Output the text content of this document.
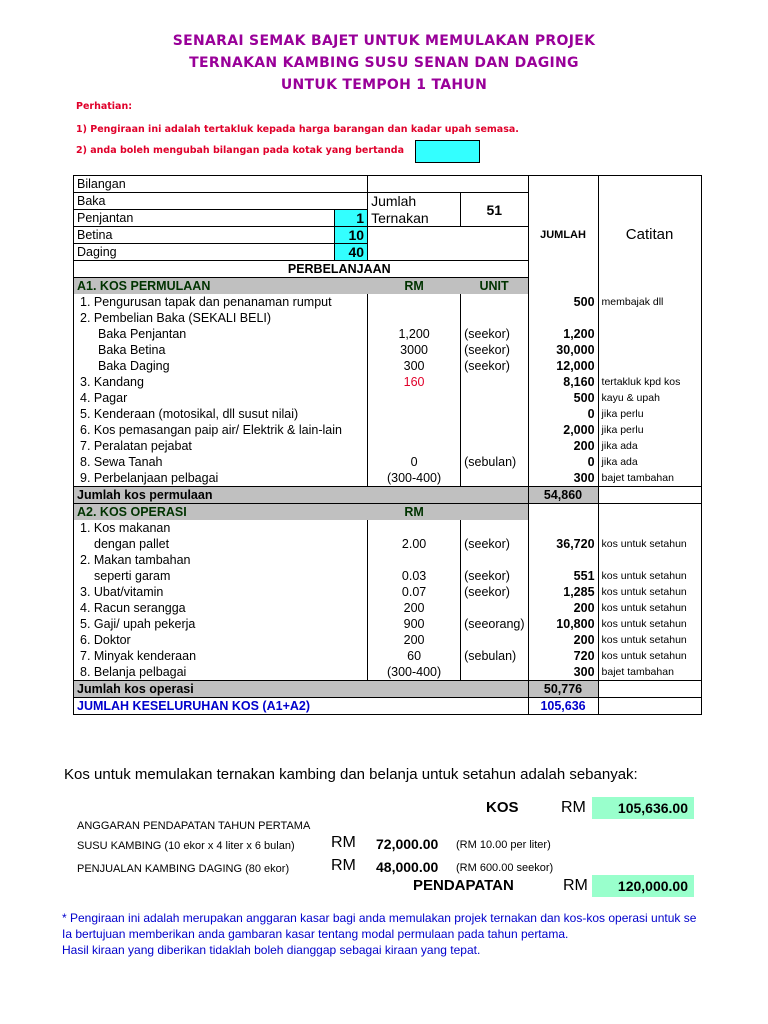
SENARAI SEMAK BAJET UNTUK MEMULAKAN PROJEK
TERNAKAN KAMBING SUSU SENAN DAN DAGING
UNTUK TEMPOH 1 TAHUN
Perhatian:
1) Pengiraan ini adalah tertakluk kepada harga barangan dan kadar upah semasa.
2) anda boleh mengubah bilangan pada kotak yang bertanda
Bilangan				JUMLAH	Catitan
Baka		Jumlah	51		
Penjantan	1	Ternakan			
Betina	10				
Daging	40				
PERBELANJAAN					
A1. KOS PERMULAAN		RM	UNIT		
1. Pengurusan tapak dan penanaman rumput				500	membajak dll
2. Pembelian Baka (SEKALI BELI)					
Baka Penjantan		1,200	(seekor)	1,200	
Baka Betina		3000	(seekor)	30,000	
Baka Daging		300	(seekor)	12,000	
3. Kandang		160		8,160	tertakluk kpd kos
4. Pagar				500	kayu & upah
5. Kenderaan (motosikal, dll susut nilai)				0	jika perlu
6. Kos pemasangan paip air/ Elektrik & lain-lain				2,000	jika perlu
7. Peralatan pejabat				200	jika ada
8. Sewa Tanah		0	(sebulan)	0	jika ada
9. Perbelanjaan pelbagai		(300-400)		300	bajet tambahan
Jumlah kos permulaan				54,860	
A2. KOS OPERASI		RM			
1. Kos makanan					
dengan pallet		2.00	(seekor)	36,720	kos untuk setahun
2. Makan tambahan					
seperti garam		0.03	(seekor)	551	kos untuk setahun
3. Ubat/vitamin		0.07	(seekor)	1,285	kos untuk setahun
4. Racun serangga		200		200	kos untuk setahun
5. Gaji/ upah pekerja		900	(seeorang)	10,800	kos untuk setahun
6. Doktor		200		200	kos untuk setahun
7. Minyak kenderaan		60	(sebulan)	720	kos untuk setahun
8. Belanja pelbagai		(300-400)		300	bajet tambahan
Jumlah kos operasi				50,776	
JUMLAH KESELURUHAN KOS (A1+A2)				105,636	
Kos untuk memulakan ternakan kambing dan belanja untuk setahun adalah sebanyak:
KOS	RM	105,636.00
ANGGARAN PENDAPATAN TAHUN PERTAMA
SUSU KAMBING (10 ekor x 4 liter x 6 bulan) RM 72,000.00 (RM 10.00 per liter)
PENJUALAN KAMBING DAGING (80 ekor)	RM 48,000.00 (RM 600.00 seekor)
PENDAPATAN	RM	120,000.00
* Pengiraan ini adalah merupakan anggaran kasar bagi anda memulakan projek ternakan dan kos-kos operasi untuk se
Ia bertujuan memberikan anda gambaran kasar tentang modal permulaan pada tahun pertama.
Hasil kiraan yang diberikan tidaklah boleh dianggap sebagai kiraan yang tepat.
